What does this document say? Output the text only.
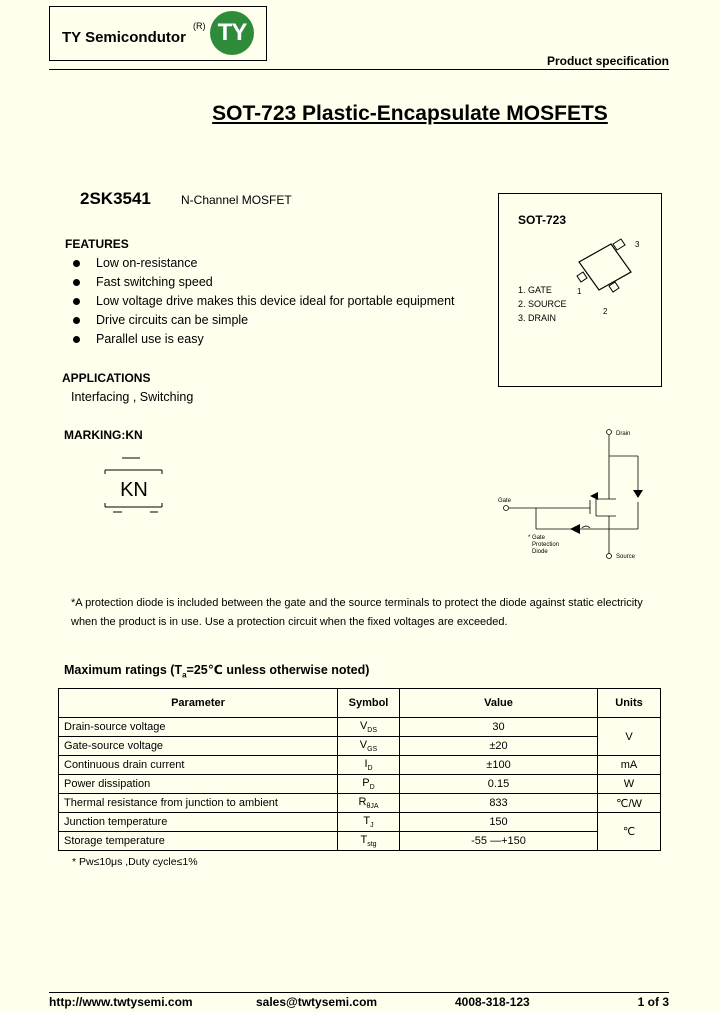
TY Semicondutor
(R) TY
Product specification
SOT-723 Plastic-Encapsulate MOSFETS
2SK3541	N-Channel MOSFET
SOT-723
3
1
2
1. GATE
2. SOURCE
3. DRAIN
FEATURES
Low on-resistance
Fast switching speed
Low voltage drive makes this device ideal for portable equipment
Drive circuits can be simple
Parallel use is easy
APPLICATIONS
Interfacing , Switching
MARKING:KN
KN
Drain
Gate
Source
* Gate
Protection
Diode
*A protection diode is included between the gate and the source terminals to protect the diode against static electricity
when the product is in use. Use a protection circuit when the fixed voltages are exceeded.
Maximum ratings ($T_a=25℃$ unless otherwise noted)
Parameter	Symbol	Value	Units
Drain-source voltage	$V_{DS}$	30	V
Gate-source voltage	$V_{GS}$	±20	
Continuous drain current	$I_D$	±100	mA
Power dissipation	$P_D$	0.15	W
Thermal resistance from junction to ambient	$R_{\theta JA}$	833	℃/W
Junction temperature	$T_J$	150	℃
Storage temperature	$T_{stg}$	-55 —+150	
* Pw≤10μs ,Duty cycle≤1%
http://www.twtysemi.com	sales@twtysemi.com	4008-318-123	1 of 3
